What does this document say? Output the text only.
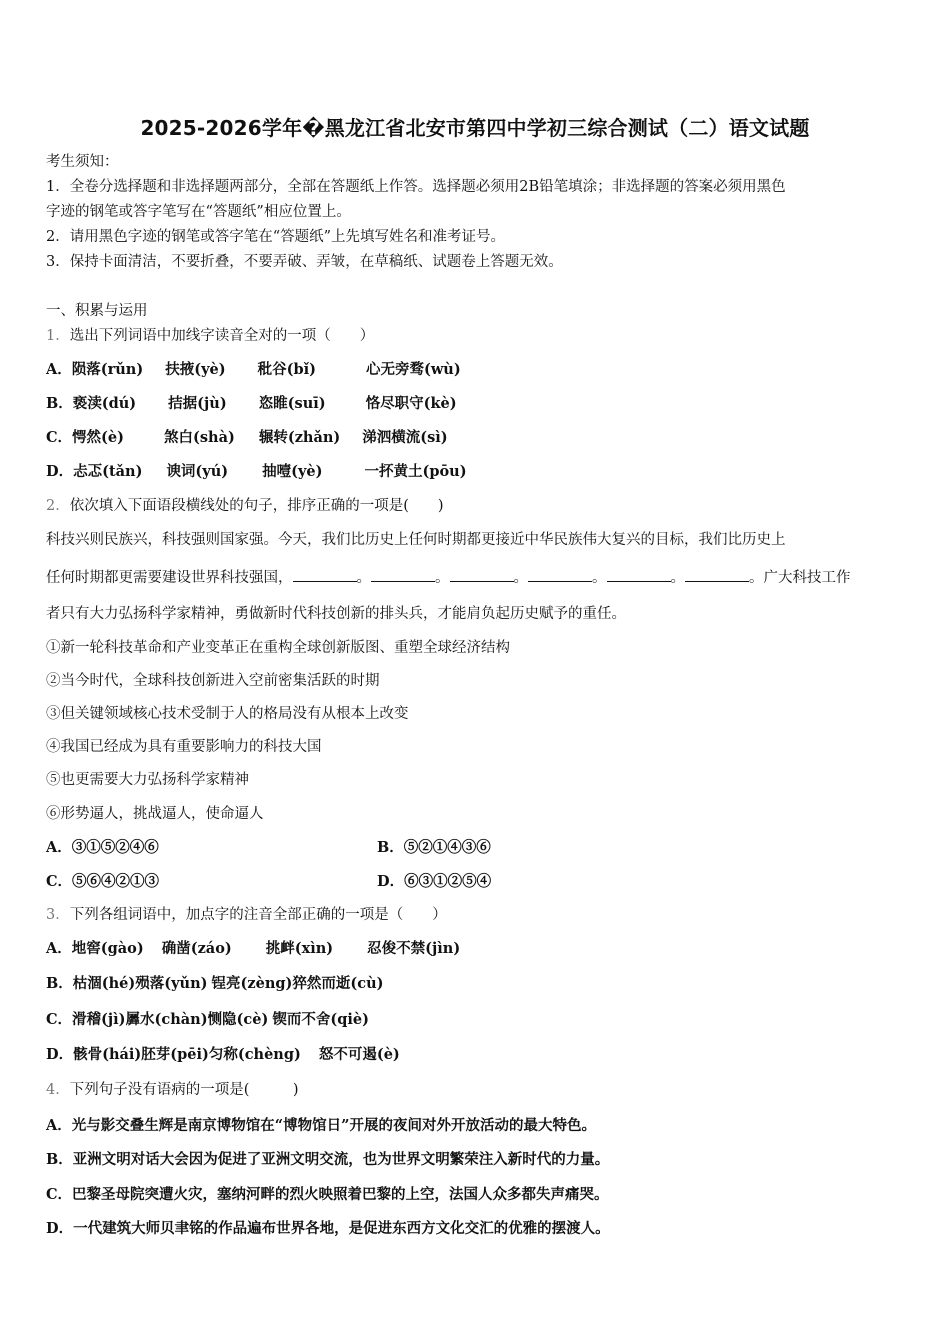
2025-2026学年�黑龙江省北安市第四中学初三综合测试（二）语文试题
考生须知：
1．全卷分选择题和非选择题两部分，全部在答题纸上作答。选择题必须用2B铅笔填涂；非选择题的答案必须用黑色
字迹的钢笔或答字笔写在“答题纸”相应位置上。
2．请用黑色字迹的钢笔或答字笔在“答题纸”上先填写姓名和准考证号。
3．保持卡面清洁，不要折叠，不要弄破、弄皱，在草稿纸、试题卷上答题无效。
一、积累与运用
1．选出下列词语中加线字读音全对的一项（　　）
A．陨落(rǔn) 扶掖(yè) 秕谷(bǐ)	心无旁骛(wù)
B．亵渎(dú) 拮据(jù) 恣睢(suī)	恪尽职守(kè)
C．愕然(è)	煞白(shà) 辗转(zhǎn) 涕泗横流(sì)
D．忐忑(tǎn) 谀词(yú) 抽噎(yè)	一抔黄土(pōu)
2．依次填入下面语段横线处的句子，排序正确的一项是(　　)
科技兴则民族兴，科技强则国家强。今天，我们比历史上任何时期都更接近中华民族伟大复兴的目标，我们比历史上
任何时期都更需要建设世界科技强国，	。	。	。	。	。	。广大科技工作
者只有大力弘扬科学家精神，勇做新时代科技创新的排头兵，才能肩负起历史赋予的重任。
①新一轮科技革命和产业变革正在重构全球创新版图、重塑全球经济结构
②当今时代，全球科技创新进入空前密集活跃的时期
③但关键领域核心技术受制于人的格局没有从根本上改变
④我国已经成为具有重要影响力的科技大国
⑤也更需要大力弘扬科学家精神
⑥形势逼人，挑战逼人，使命逼人
A．③①⑤②④⑥	B．⑤②①④③⑥
C．⑤⑥④②①③	D．⑥③①②⑤④
3．下列各组词语中，加点字的注音全部正确的一项是（　　）
A．地窖(gào) 确凿(záo) 挑衅(xìn) 忍俊不禁(jìn)
B．枯涸(hé)殒落(yǔn) 锃亮(zèng)猝然而逝(cù)
C．滑稽(jì)羼水(chàn)恻隐(cè) 锲而不舍(qiè)
D．骸骨(hái)胚芽(pēi)匀称(chèng) 怒不可遏(è)
4．下列句子没有语病的一项是(　　　)
A．光与影交叠生辉是南京博物馆在“博物馆日”开展的夜间对外开放活动的最大特色。
B．亚洲文明对话大会因为促进了亚洲文明交流，也为世界文明繁荣注入新时代的力量。
C．巴黎圣母院突遭火灾，塞纳河畔的烈火映照着巴黎的上空，法国人众多都失声痛哭。
D．一代建筑大师贝聿铭的作品遍布世界各地，是促进东西方文化交汇的优雅的摆渡人。
